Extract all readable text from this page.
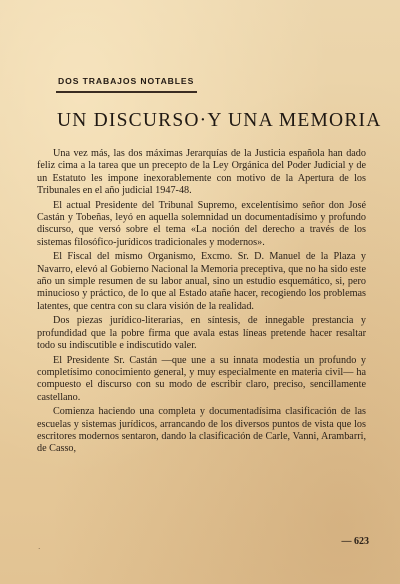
DOS TRABAJOS NOTABLES
UN DISCURSO·Y UNA MEMORIA

Una vez más, las dos máximas Jerarquías de la Justicia española han dado feliz cima a la tarea que un precepto de la Ley Orgánica del Poder Judicial y de un Estatuto les impone inexorablemente con motivo de la Apertura de los Tribunales en el año judicial 1947-48.

El actual Presidente del Tribunal Supremo, excelentísimo señor don José Castán y Tobeñas, leyó en aquella solemnidad un documentadísimo y profundo discurso, que versó sobre el tema «La noción del derecho a través de los sistemas filosófico-jurídicos tradicionales y modernos».

El Fiscal del mismo Organismo, Excmo. Sr. D. Manuel de la Plaza y Navarro, elevó al Gobierno Nacional la Memoria preceptiva, que no ha sido este año un simple resumen de su labor anual, sino un estudio esquemático, si, pero minucioso y práctico, de lo que al Estado atañe hacer, recogiendo los problemas latentes, que centra con su clara visión de la realidad.

Dos piezas jurídico-literarias, en síntesis, de innegable prestancia y profundidad que la pobre firma que avala estas líneas pretende hacer resaltar todo su indiscutible e indiscutido valer.

El Presidente Sr. Castán —que une a su innata modestia un profundo y completísimo conocimiento general, y muy especialmente en materia civil— ha compuesto el discurso con su modo de escribir claro, preciso, sencillamente castellano.

Comienza haciendo una completa y documentadísima clasificación de las escuelas y sistemas jurídicos, arrancando de los diversos puntos de vista que los escritores modernos sentaron, dando la clasificación de Carle, Vanni, Arambarri, de Casso,

·
— 623
